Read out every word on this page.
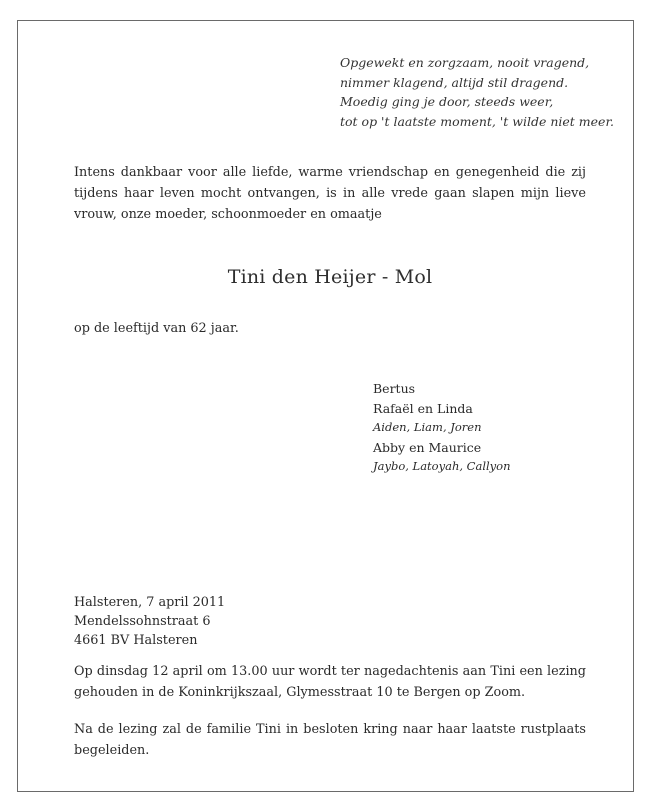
Opgewekt en zorgzaam, nooit vragend,
nimmer klagend, altijd stil dragend.
Moedig ging je door, steeds weer,
tot op 't laatste moment, 't wilde niet meer.
Intens dankbaar voor alle liefde, warme vriendschap en genegenheid die zij tijdens haar leven mocht ontvangen, is in alle vrede gaan slapen mijn lieve vrouw, onze moeder, schoonmoeder en omaatje
Tini den Heijer - Mol
op de leeftijd van 62 jaar.
Bertus
Rafaël en Linda
Aiden, Liam, Joren
Abby en Maurice
Jaybo, Latoyah, Callyon
Halsteren, 7 april 2011
Mendelssohnstraat 6
4661 BV Halsteren
Op dinsdag 12 april om 13.00 uur wordt ter nagedachtenis aan Tini een lezing gehouden in de Koninkrijkszaal, Glymesstraat 10 te Bergen op Zoom.
Na de lezing zal de familie Tini in besloten kring naar haar laatste rustplaats begeleiden.
